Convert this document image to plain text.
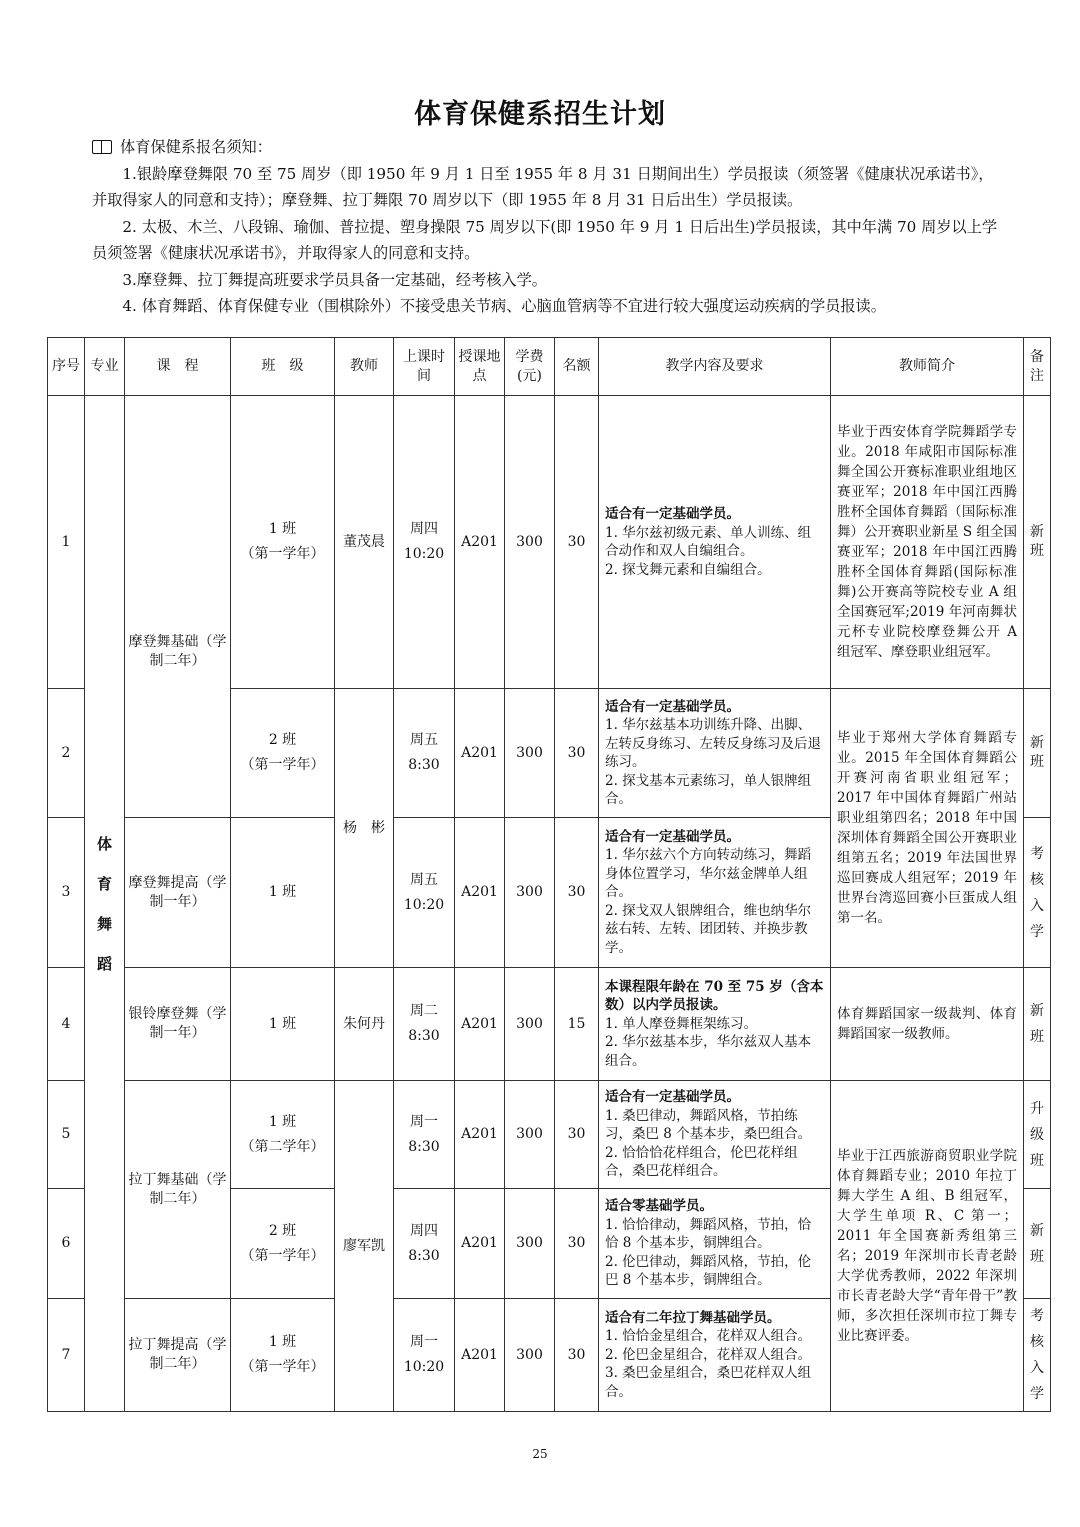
体育保健系招生计划

体育保健系报名须知：

1.银龄摩登舞限 70 至 75 周岁（即 1950 年 9 月 1 日至 1955 年 8 月 31 日期间出生）学员报读（须签署《健康状况承诺书》，并取得家人的同意和支持）；摩登舞、拉丁舞限 70 周岁以下（即 1955 年 8 月 31 日后出生）学员报读。

2. 太极、木兰、八段锦、瑜伽、普拉提、塑身操限 75 周岁以下(即 1950 年 9 月 1 日后出生)学员报读，其中年满 70 周岁以上学员须签署《健康状况承诺书》，并取得家人的同意和支持。

3.摩登舞、拉丁舞提高班要求学员具备一定基础，经考核入学。

4. 体育舞蹈、体育保健专业（围棋除外）不接受患关节病、心脑血管病等不宜进行较大强度运动疾病的学员报读。

序号	专业	课　程	班　级	教师	上课时间	授课地点	学费(元)	名额	教学内容及要求	教师简介	备注
1	体育舞蹈	摩登舞基础（学制二年）	1 班
（第一学年）	董茂晨	周四
10:20	A201	300	30	适合有一定基础学员。
1. 华尔兹初级元素、单人训练、组合动作和双人自编组合。
2. 探戈舞元素和自编组合。	毕业于西安体育学院舞蹈学专业。2018 年咸阳市国际标准舞全国公开赛标准职业组地区赛亚军；2018 年中国江西腾胜杯全国体育舞蹈（国际标准舞）公开赛职业新星 S 组全国赛亚军；2018 年中国江西腾胜杯全国体育舞蹈(国际标准舞)公开赛高等院校专业 A 组全国赛冠军;2019 年河南舞状元杯专业院校摩登舞公开 A 组冠军、摩登职业组冠军。	新班
2			2 班
（第一学年）	杨　彬	周五
8:30	A201	300	30	适合有一定基础学员。
1. 华尔兹基本功训练升降、出脚、左转反身练习、左转反身练习及后退练习。
2. 探戈基本元素练习，单人银牌组合。	毕业于郑州大学体育舞蹈专业。2015 年全国体育舞蹈公开赛河南省职业组冠军；2017 年中国体育舞蹈广州站职业组第四名；2018 年中国深圳体育舞蹈全国公开赛职业组第五名；2019 年法国世界巡回赛成人组冠军；2019 年世界台湾巡回赛小巨蛋成人组第一名。	新班
3		摩登舞提高（学制一年）	1 班		周五
10:20	A201	300	30	适合有一定基础学员。
1. 华尔兹六个方向转动练习，舞蹈身体位置学习，华尔兹金牌单人组合。
2. 探戈双人银牌组合，维也纳华尔兹右转、左转、团团转、并换步教学。		考核入学
4		银铃摩登舞（学制一年）	1 班	朱何丹	周二
8:30	A201	300	15	本课程限年龄在 70 至 75 岁（含本数）以内学员报读。
1. 单人摩登舞框架练习。
2. 华尔兹基本步，华尔兹双人基本组合。	体育舞蹈国家一级裁判、体育舞蹈国家一级教师。	新班
5		拉丁舞基础（学制二年）	1 班
（第二学年）	廖军凯	周一
8:30	A201	300	30	适合有一定基础学员。
1. 桑巴律动，舞蹈风格，节拍练习，桑巴 8 个基本步，桑巴组合。
2. 恰恰恰花样组合，伦巴花样组合，桑巴花样组合。	毕业于江西旅游商贸职业学院体育舞蹈专业；2010 年拉丁舞大学生 A 组、B 组冠军，大学生单项 R、C 第一；2011 年全国赛新秀组第三名；2019 年深圳市长青老龄大学优秀教师，2022 年深圳市长青老龄大学“青年骨干”教师，多次担任深圳市拉丁舞专业比赛评委。	升级班
6			2 班
（第一学年）		周四
8:30	A201	300	30	适合零基础学员。
1. 恰恰律动，舞蹈风格，节拍，恰恰 8 个基本步，铜牌组合。
2. 伦巴律动，舞蹈风格，节拍，伦巴 8 个基本步，铜牌组合。		新班
7		拉丁舞提高（学制二年）	1 班
（第一学年）		周一
10:20	A201	300	30	适合有二年拉丁舞基础学员。
1. 恰恰金星组合，花样双人组合。
2. 伦巴金星组合，花样双人组合。
3. 桑巴金星组合，桑巴花样双人组合。		考核入学
25
